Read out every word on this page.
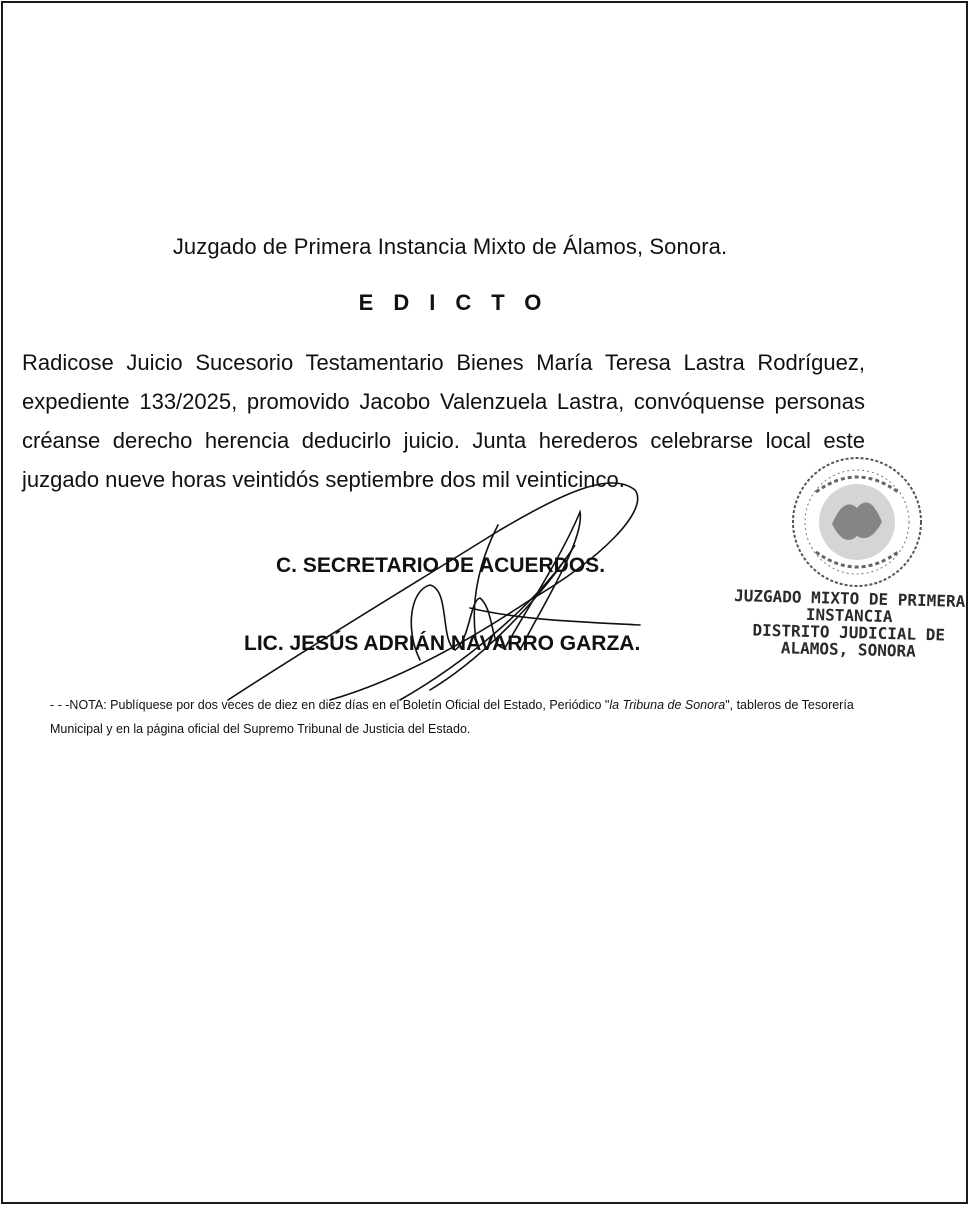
Juzgado de Primera Instancia Mixto de Álamos, Sonora.
EDICTO
Radicose Juicio Sucesorio Testamentario Bienes María Teresa Lastra Rodríguez, expediente 133/2025, promovido Jacobo Valenzuela Lastra, convóquense personas créanse derecho herencia deducirlo juicio. Junta herederos celebrarse local este juzgado nueve horas veintidós septiembre dos mil veinticinco.
C. SECRETARIO DE ACUERDOS.
LIC. JESÚS ADRIÁN NAVARRO GARZA.
- - -NOTA: Publíquese por dos veces de diez en diez días en el Boletín Oficial del Estado, Periódico "la Tribuna de Sonora", tableros de Tesorería Municipal y en la página oficial del Supremo Tribunal de Justicia del Estado.
JUZGADO MIXTO DE PRIMERA
INSTANCIA
DISTRITO JUDICIAL DE
ALAMOS, SONORA
